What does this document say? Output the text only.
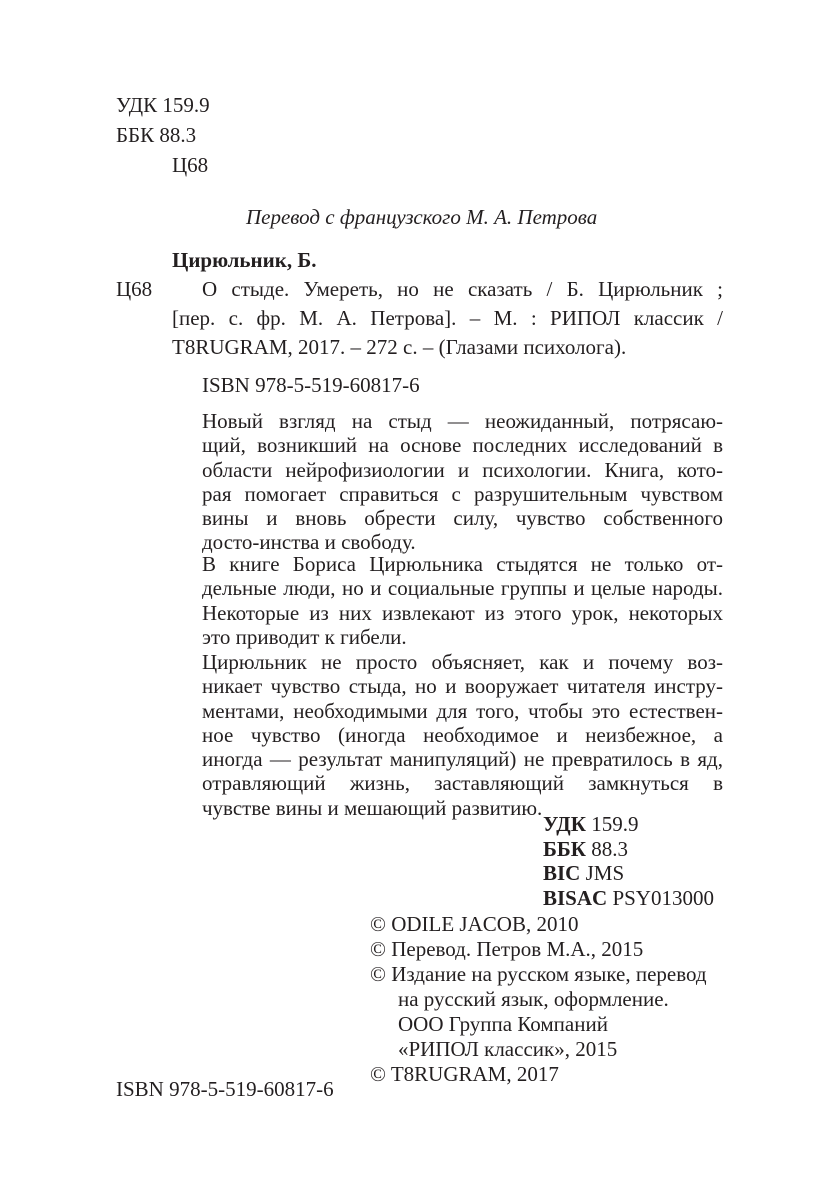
УДК 159.9
ББК 88.3
Ц68
Перевод с французского М. А. Петрова
Цирюльник, Б.
Ц68 О стыде. Умереть, но не сказать / Б. Цирюльник ;
[пер. с. фр. М. А. Петрова]. – М. : РИПОЛ классик /
T8RUGRAM, 2017. – 272 с. – (Глазами психолога).
ISBN 978-5-519-60817-6
Новый взгляд на стыд — неожиданный, потрясаю-
щий, возникший на основе последних исследований в
области нейрофизиологии и психологии. Книга, кото-
рая помогает справиться с разрушительным чувством
вины и вновь обрести силу, чувство собственного
досто-инства и свободу.
В книге Бориса Цирюльника стыдятся не только от-
дельные люди, но и социальные группы и целые народы.
Некоторые из них извлекают из этого урок, некоторых
это приводит к гибели.
Цирюльник не просто объясняет, как и почему воз-
никает чувство стыда, но и вооружает читателя инстру-
ментами, необходимыми для того, чтобы это естествен-
ное чувство (иногда необходимое и неизбежное, а
иногда — результат манипуляций) не превратилось в яд,
отравляющий жизнь, заставляющий замкнуться в
чувстве вины и мешающий развитию.
УДК 159.9
ББК 88.3
BIC JMS
BISAC PSY013000
© ODILE JACOB, 2010
© Перевод. Петров М.А., 2015
© Издание на русском языке, перевод
на русский язык, оформление.
ООО Группа Компаний
«РИПОЛ классик», 2015
© T8RUGRAM, 2017
ISBN 978-5-519-60817-6
